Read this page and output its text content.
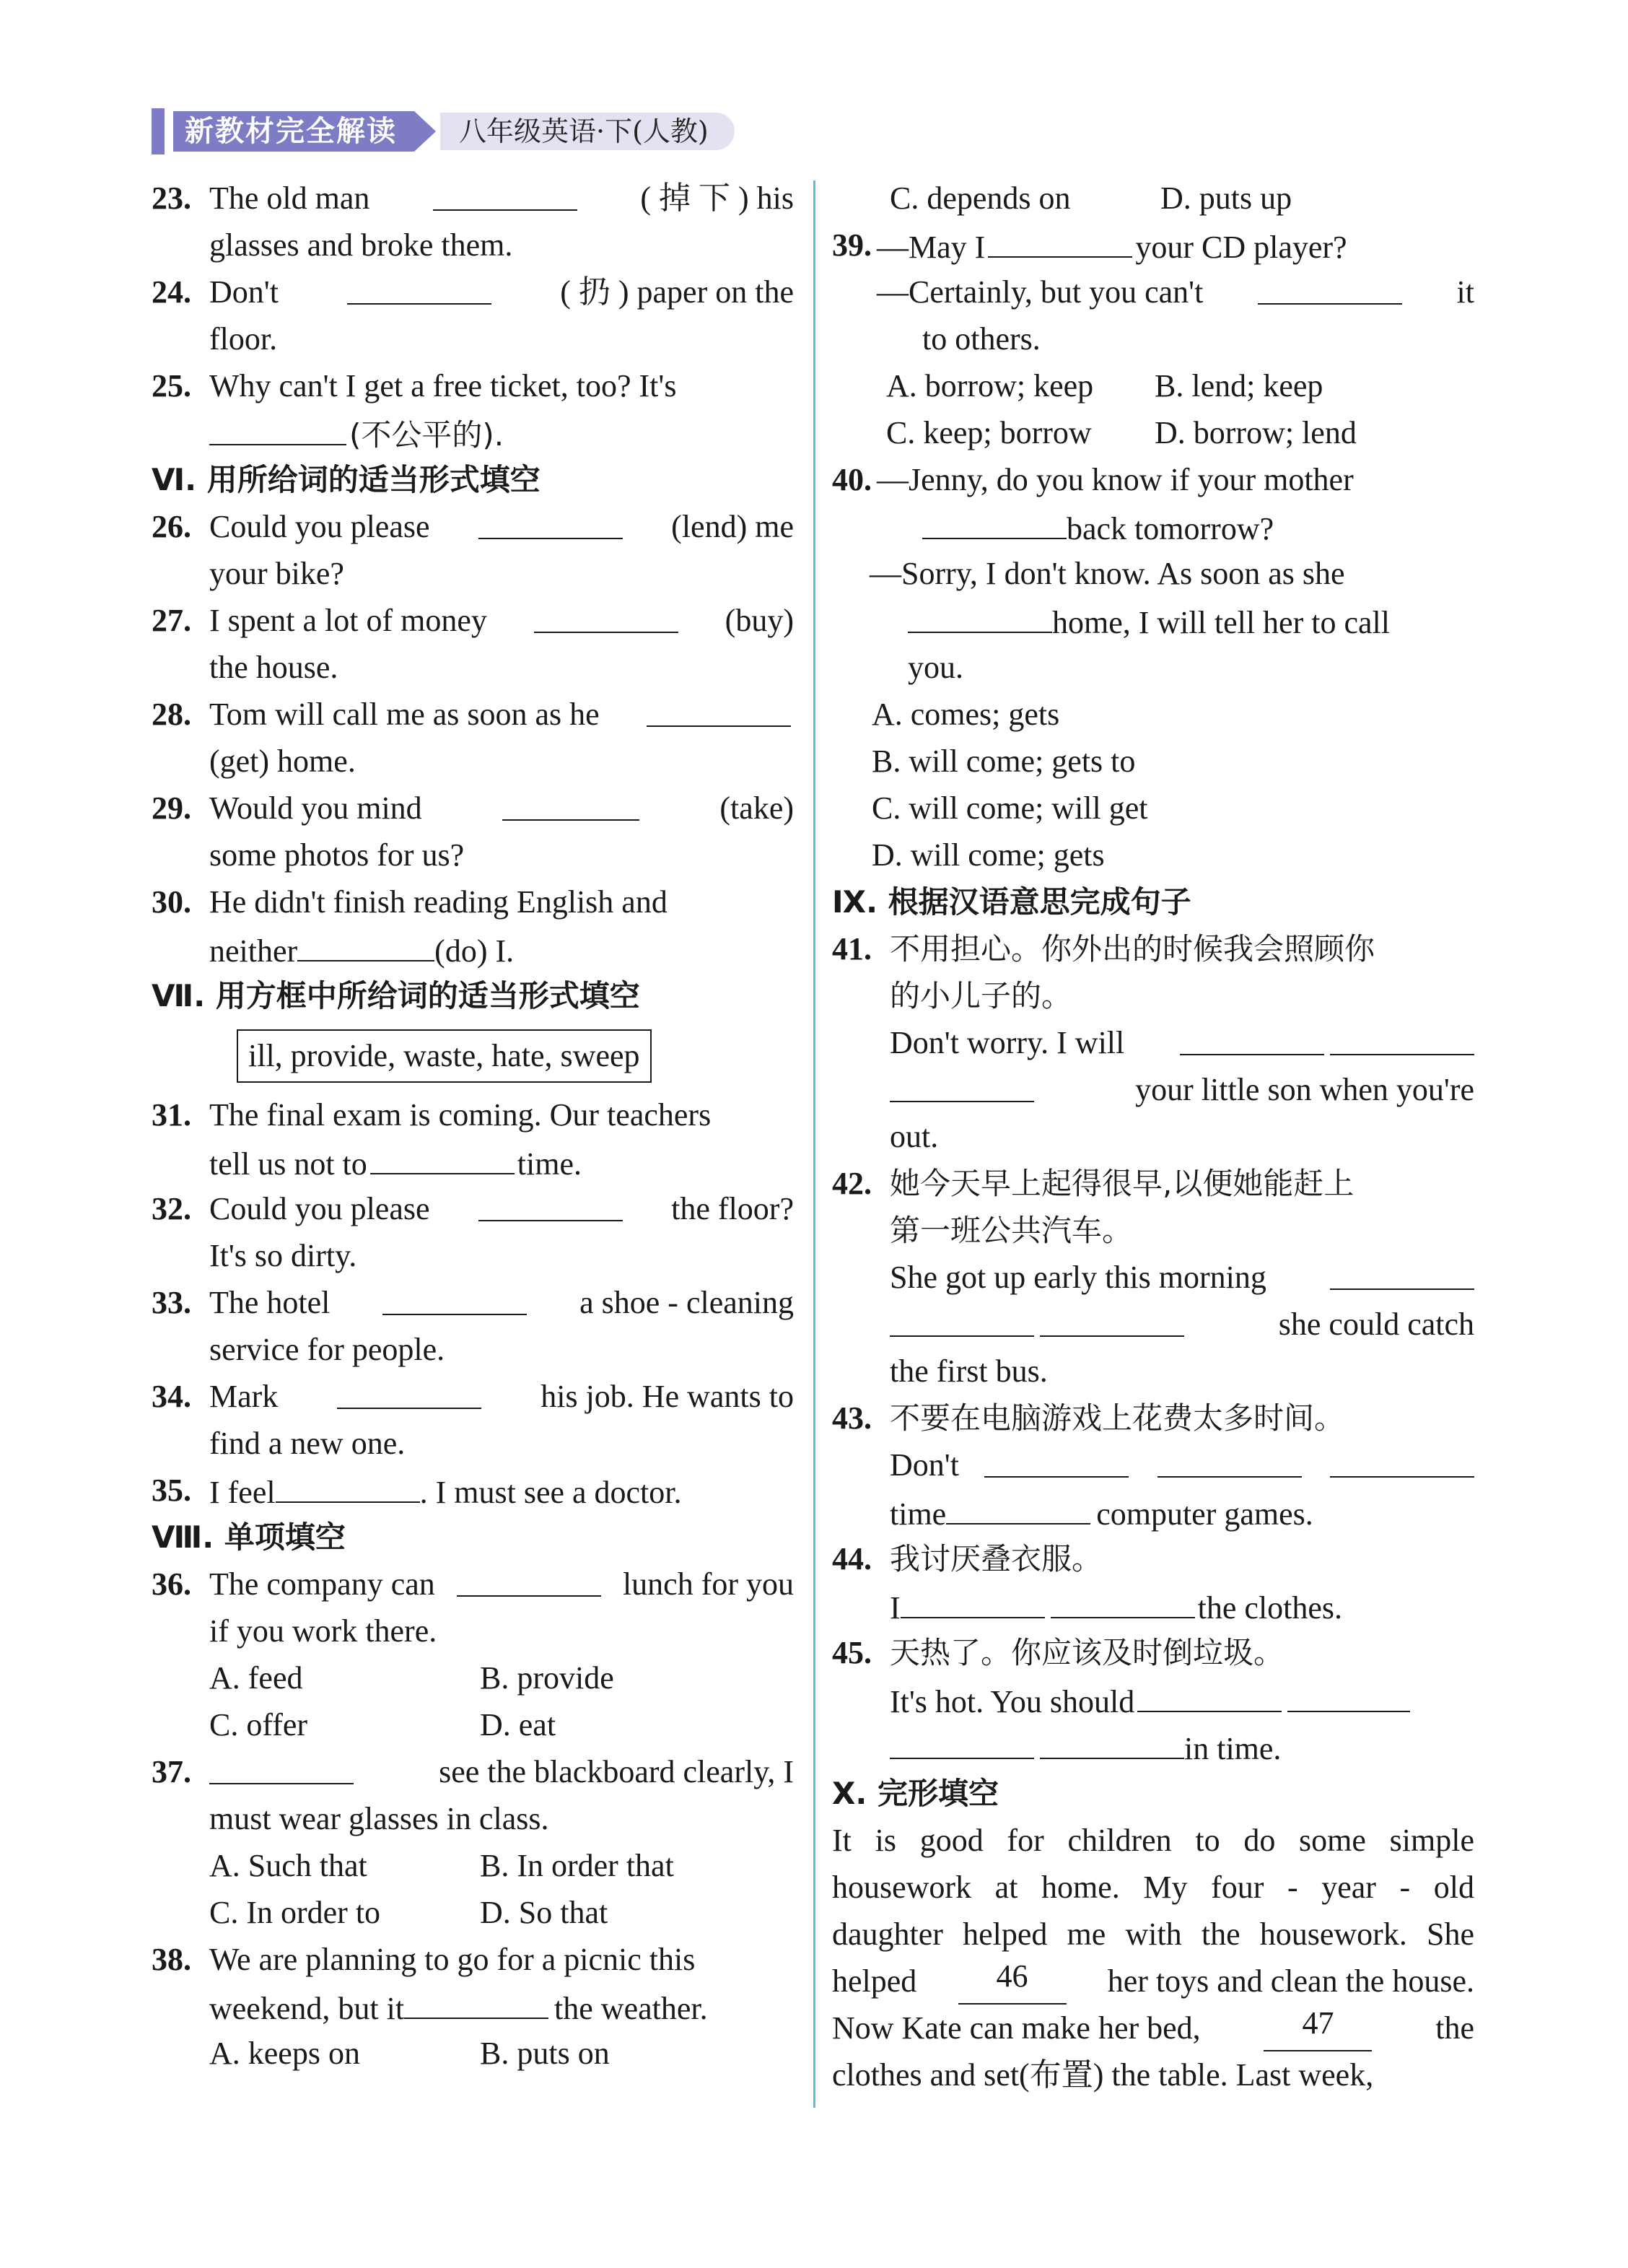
新教材完全解读	八年级英语·下(人教)
23. The old man	( 掉 下 ) his
glasses and broke them.
24. Don't	( 扔 ) paper on the
floor.
25. Why can't I get a free ticket, too? It's
(不公平的).
Ⅵ. 用所给词的适当形式填空
26. Could you please	(lend) me
your bike?
27. I spent a lot of money	(buy)
the house.
28. Tom will call me as soon as he
(get) home.
29. Would you mind	(take)
some photos for us?
30. He didn't finish reading English and
neither	(do) I.
Ⅶ. 用方框中所给词的适当形式填空
ill, provide, waste, hate, sweep
31. The final exam is coming. Our teachers
tell us not to	time.
32. Could you please	the floor?
It's so dirty.
33. The hotel	a shoe - cleaning
service for people.
34. Mark	his job. He wants to
find a new one.
35. I feel	. I must see a doctor.
Ⅷ. 单项填空
36. The company can	lunch for you
if you work there.
A. feed	B. provide
C. offer	D. eat
37.	see the blackboard clearly, I
must wear glasses in class.
A. Such that	B. In order that
C. In order to	D. So that
38. We are planning to go for a picnic this
weekend, but it	the weather.
A. keeps on	B. puts on
C. depends on	D. puts up
39. —May I	your CD player?
—Certainly, but you can't	it
to others.
A. borrow; keep B. lend; keep
C. keep; borrow D. borrow; lend
40. —Jenny, do you know if your mother
back tomorrow?
—Sorry, I don't know. As soon as she
home, I will tell her to call
you.
A. comes; gets
B. will come; gets to
C. will come; will get
D. will come; gets
Ⅸ. 根据汉语意思完成句子
41. 不用担心。你外出的时候我会照顾你
的小儿子的。
Don't worry. I will
your little son when you're
out.
42. 她今天早上起得很早,以便她能赶上
第一班公共汽车。
She got up early this morning
she could catch
the first bus.
43. 不要在电脑游戏上花费太多时间。
Don't
time	computer games.
44. 我讨厌叠衣服。
I	the clothes.
45. 天热了。你应该及时倒垃圾。
It's hot. You should
in time.
Ⅹ. 完形填空
It is good for children to do some simple
housework at home. My four - year - old
daughter helped me with the housework. She
helped	46	her toys and clean the house.
Now Kate can make her bed,	47	the
clothes and set(布置) the table. Last week,
